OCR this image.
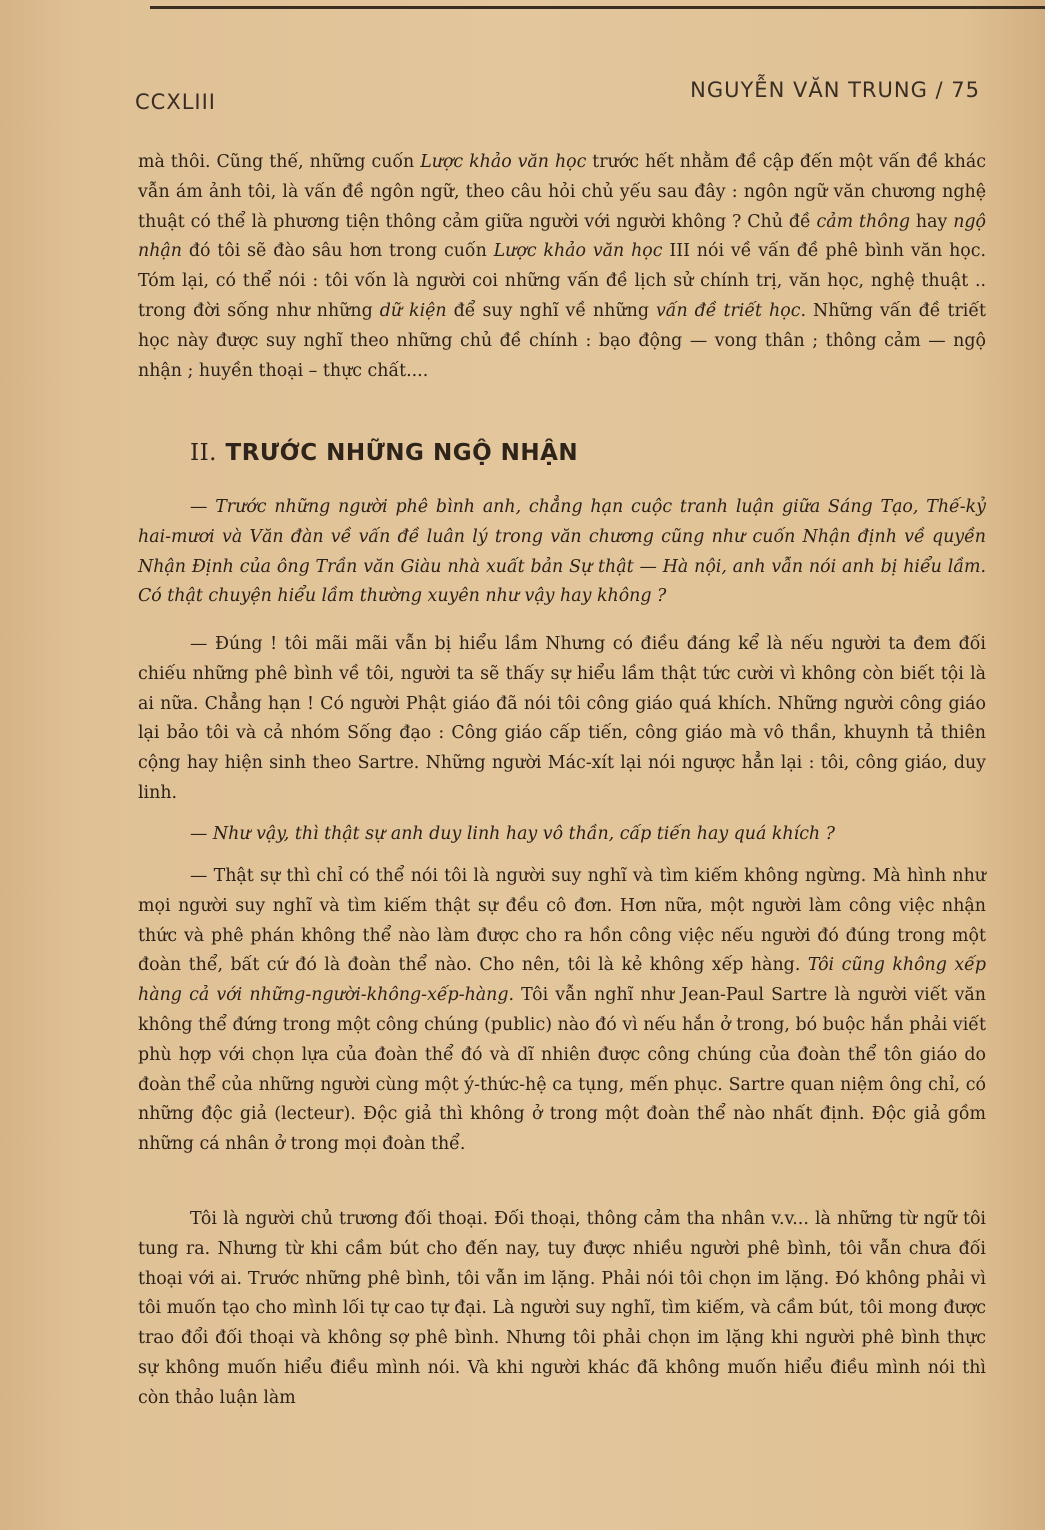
CCXLIII	NGUYỄN VĂN TRUNG / 75

mà thôi. Cũng thế, những cuốn Lược khảo văn học trước hết nhằm đề cập đến một vấn đề khác vẫn ám ảnh tôi, là vấn đề ngôn ngữ, theo câu hỏi chủ yếu sau đây : ngôn ngữ văn chương nghệ thuật có thể là phương tiện thông cảm giữa người với người không ? Chủ đề cảm thông hay ngộ nhận đó tôi sẽ đào sâu hơn trong cuốn Lược khảo văn học III nói về vấn đề phê bình văn học. Tóm lại, có thể nói : tôi vốn là người coi những vấn đề lịch sử chính trị, văn học, nghệ thuật .. trong đời sống như những dữ kiện để suy nghĩ về những vấn đề triết học. Những vấn đề triết học này được suy nghĩ theo những chủ đề chính : bạo động — vong thân ; thông cảm — ngộ nhận ; huyền thoại – thực chất....

II. TRƯỚC NHỮNG NGỘ NHẬN

— Trước những người phê bình anh, chẳng hạn cuộc tranh luận giữa Sáng Tạo, Thế-kỷ hai-mươi và Văn đàn về vấn đề luân lý trong văn chương cũng như cuốn Nhận định về quyền Nhận Định của ông Trần văn Giàu nhà xuất bản Sự thật — Hà nội, anh vẫn nói anh bị hiểu lầm. Có thật chuyện hiểu lầm thường xuyên như vậy hay không ?

— Đúng ! tôi mãi mãi vẫn bị hiểu lầm Nhưng có điều đáng kể là nếu người ta đem đối chiếu những phê bình về tôi, người ta sẽ thấy sự hiểu lầm thật tức cười vì không còn biết tội là ai nữa. Chẳng hạn ! Có người Phật giáo đã nói tôi công giáo quá khích. Những người công giáo lại bảo tôi và cả nhóm Sống đạo : Công giáo cấp tiến, công giáo mà vô thần, khuynh tả thiên cộng hay hiện sinh theo Sartre. Những người Mác-xít lại nói ngược hẳn lại : tôi, công giáo, duy linh.

— Như vậy, thì thật sự anh duy linh hay vô thần, cấp tiến hay quá khích ?

— Thật sự thì chỉ có thể nói tôi là người suy nghĩ và tìm kiếm không ngừng. Mà hình như mọi người suy nghĩ và tìm kiếm thật sự đều cô đơn. Hơn nữa, một người làm công việc nhận thức và phê phán không thể nào làm được cho ra hồn công việc nếu người đó đúng trong một đoàn thể, bất cứ đó là đoàn thể nào. Cho nên, tôi là kẻ không xếp hàng. Tôi cũng không xếp hàng cả với những-người-không-xếp-hàng. Tôi vẫn nghĩ như Jean-Paul Sartre là người viết văn không thể đứng trong một công chúng (public) nào đó vì nếu hắn ở trong, bó buộc hắn phải viết phù hợp với chọn lựa của đoàn thể đó và dĩ nhiên được công chúng của đoàn thể tôn giáo do đoàn thể của những người cùng một ý-thức-hệ ca tụng, mến phục. Sartre quan niệm ông chỉ, có những độc giả (lecteur). Độc giả thì không ở trong một đoàn thể nào nhất định. Độc giả gồm những cá nhân ở trong mọi đoàn thể.

Tôi là người chủ trương đối thoại. Đối thoại, thông cảm tha nhân v.v... là những từ ngữ tôi tung ra. Nhưng từ khi cầm bút cho đến nay, tuy được nhiều người phê bình, tôi vẫn chưa đối thoại với ai. Trước những phê bình, tôi vẫn im lặng. Phải nói tôi chọn im lặng. Đó không phải vì tôi muốn tạo cho mình lối tự cao tự đại. Là người suy nghĩ, tìm kiếm, và cầm bút, tôi mong được trao đổi đối thoại và không sợ phê bình. Nhưng tôi phải chọn im lặng khi người phê bình thực sự không muốn hiểu điều mình nói. Và khi người khác đã không muốn hiểu điều mình nói thì còn thảo luận làm
